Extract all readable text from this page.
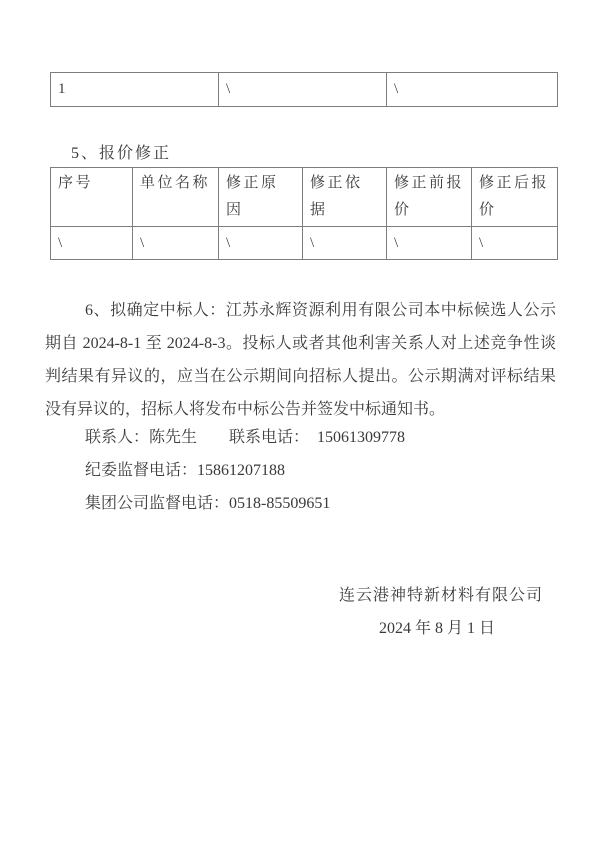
1	\	\
5、报价修正
序号	单位名称	修正原因	修正依据	修正前报价	修正后报价
\	\	\	\	\	\
6、拟确定中标人：江苏永辉资源利用有限公司本中标候选人公示期自 2024-8-1 至 2024-8-3。投标人或者其他利害关系人对上述竞争性谈判结果有异议的，应当在公示期间向招标人提出。公示期满对评标结果没有异议的，招标人将发布中标公告并签发中标通知书。
联系人：陈先生　　联系电话：  15061309778
纪委监督电话：15861207188
集团公司监督电话：0518-85509651
连云港神特新材料有限公司
2024 年 8 月 1 日
